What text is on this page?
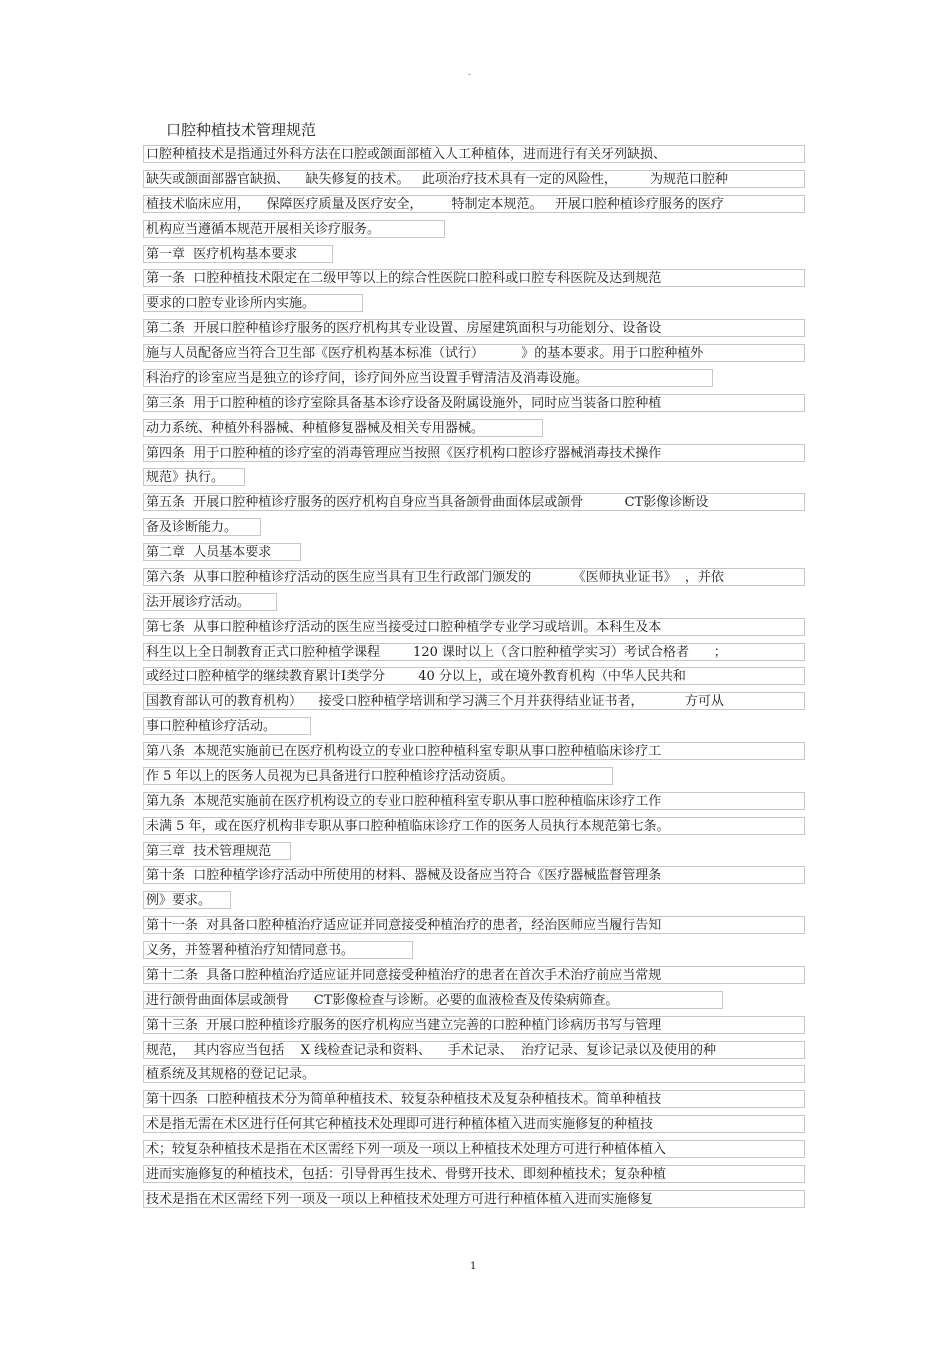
-
口腔种植技术管理规范
口腔种植技术是指通过外科方法在口腔或颌面部植入人工种植体，进而进行有关牙列缺损、
缺失或颌面部器官缺损、    缺失修复的技术。   此项治疗技术具有一定的风险性，        为规范口腔种
植技术临床应用，    保障医疗质量及医疗安全，       特制定本规范。   开展口腔种植诊疗服务的医疗
机构应当遵循本规范开展相关诊疗服务。
第一章  医疗机构基本要求
第一条  口腔种植技术限定在二级甲等以上的综合性医院口腔科或口腔专科医院及达到规范
要求的口腔专业诊所内实施。
第二条  开展口腔种植诊疗服务的医疗机构其专业设置、房屋建筑面积与功能划分、设备设
施与人员配备应当符合卫生部《医疗机构基本标准（试行）         》的基本要求。用于口腔种植外
科治疗的诊室应当是独立的诊疗间，诊疗间外应当设置手臂清洁及消毒设施。
第三条  用于口腔种植的诊疗室除具备基本诊疗设备及附属设施外，同时应当装备口腔种植
动力系统、种植外科器械、种植修复器械及相关专用器械。
第四条  用于口腔种植的诊疗室的消毒管理应当按照《医疗机构口腔诊疗器械消毒技术操作
规范》执行。
第五条  开展口腔种植诊疗服务的医疗机构自身应当具备颌骨曲面体层或颌骨          CT影像诊断设
备及诊断能力。
第二章  人员基本要求
第六条  从事口腔种植诊疗活动的医生应当具有卫生行政部门颁发的          《医师执业证书》  ，并依
法开展诊疗活动。
第七条  从事口腔种植诊疗活动的医生应当接受过口腔种植学专业学习或培训。本科生及本
科生以上全日制教育正式口腔种植学课程        120 课时以上（含口腔种植学实习）考试合格者      ；
或经过口腔种植学的继续教育累计Ⅰ类学分        40 分以上，或在境外教育机构（中华人民共和
国教育部认可的教育机构）    接受口腔种植学培训和学习满三个月并获得结业证书者，          方可从
事口腔种植诊疗活动。
第八条  本规范实施前已在医疗机构设立的专业口腔种植科室专职从事口腔种植临床诊疗工
作 5 年以上的医务人员视为已具备进行口腔种植诊疗活动资质。
第九条  本规范实施前在医疗机构设立的专业口腔种植科室专职从事口腔种植临床诊疗工作
未满 5 年，或在医疗机构非专职从事口腔种植临床诊疗工作的医务人员执行本规范第七条。
第三章  技术管理规范
第十条  口腔种植学诊疗活动中所使用的材料、器械及设备应当符合《医疗器械监督管理条
例》要求。
第十一条  对具备口腔种植治疗适应证并同意接受种植治疗的患者，经治医师应当履行告知
义务，并签署种植治疗知情同意书。
第十二条  具备口腔种植治疗适应证并同意接受种植治疗的患者在首次手术治疗前应当常规
进行颌骨曲面体层或颌骨      CT影像检查与诊断。必要的血液检查及传染病筛查。
第十三条  开展口腔种植诊疗服务的医疗机构应当建立完善的口腔种植门诊病历书写与管理
规范，  其内容应当包括    X 线检查记录和资料、    手术记录、  治疗记录、复诊记录以及使用的种
植系统及其规格的登记记录。
第十四条  口腔种植技术分为简单种植技术、较复杂种植技术及复杂种植技术。简单种植技
术是指无需在术区进行任何其它种植技术处理即可进行种植体植入进而实施修复的种植技
术；较复杂种植技术是指在术区需经下列一项及一项以上种植技术处理方可进行种植体植入
进而实施修复的种植技术，包括：引导骨再生技术、骨劈开技术、即刻种植技术；复杂种植
技术是指在术区需经下列一项及一项以上种植技术处理方可进行种植体植入进而实施修复
1
